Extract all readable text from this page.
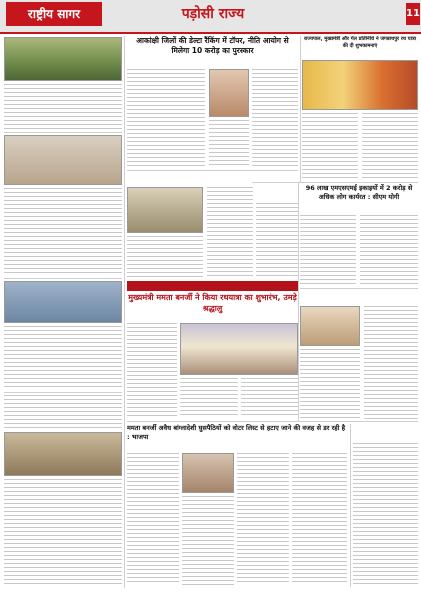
राष्ट्रीय सागर	पड़ोसी राज्य	11
आकांक्षी जिलों की डेल्टा रैंकिंग में टॉपर, नीति आयोग से मिलेगा 10 करोड़ का पुरस्कार
मुख्यमंत्री ममता बनर्जी ने किया रथयात्रा का शुभारंभ, उमड़े श्रद्धालु
राज्यपाल, मुख्यमंत्री और गेल प्रतिनिधि ने जगन्नाथपुर रथ यात्रा की दी शुभकामनाएं
96 लाख एमएसएमई इकाइयों में 2 करोड़ से अधिक लोग कार्यरत : सीएम योगी
ममता बनर्जी अवैध बांग्लादेशी घुसपैठियों को वोटर लिस्ट से हटाए जाने की वजह से डर रही है : भाजपा
